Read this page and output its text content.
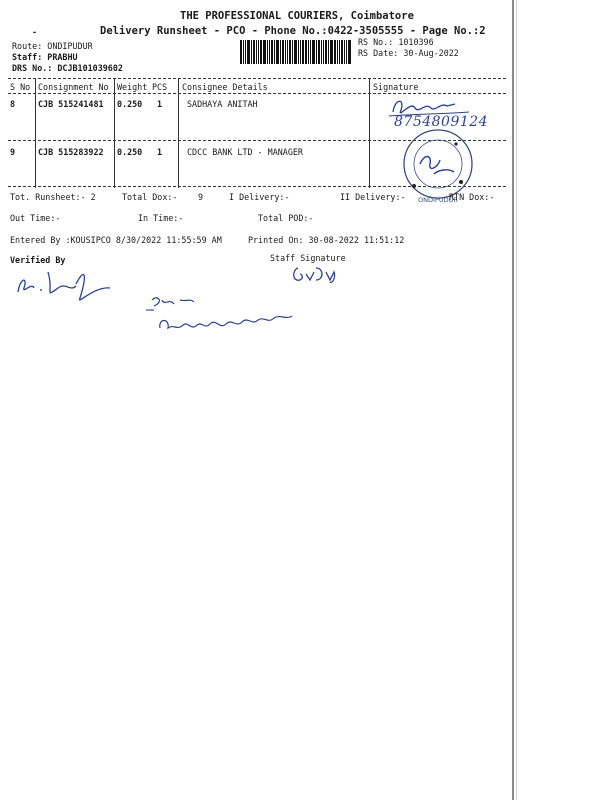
THE PROFESSIONAL COURIERS, Coimbatore
-	Delivery Runsheet - PCO - Phone No.:0422-3505555 - Page No.:2
Route: ONDIPUDUR
Staff: PRABHU
DRS No.: DCJB101039602
RS No.: 1010396
RS Date: 30-Aug-2022
S No Consignment No Weight PCS Consignee Details	Signature
8	CJB 515241481 0.250 1	SADHAYA ANITAH
9	CJB 515283922 0.250 1	CDCC BANK LTD - MANAGER
8754809124
ONDIPUDUR
Tot. Runsheet:- 2	Total Dox:- 9	I Delivery:-	II Delivery:-	RTN Dox:-
Out Time:-	In Time:-	Total POD:-
Entered By :KOUSIPCO 8/30/2022 11:55:59 AM	Printed On: 30-08-2022 11:51:12
Verified By	Staff Signature
